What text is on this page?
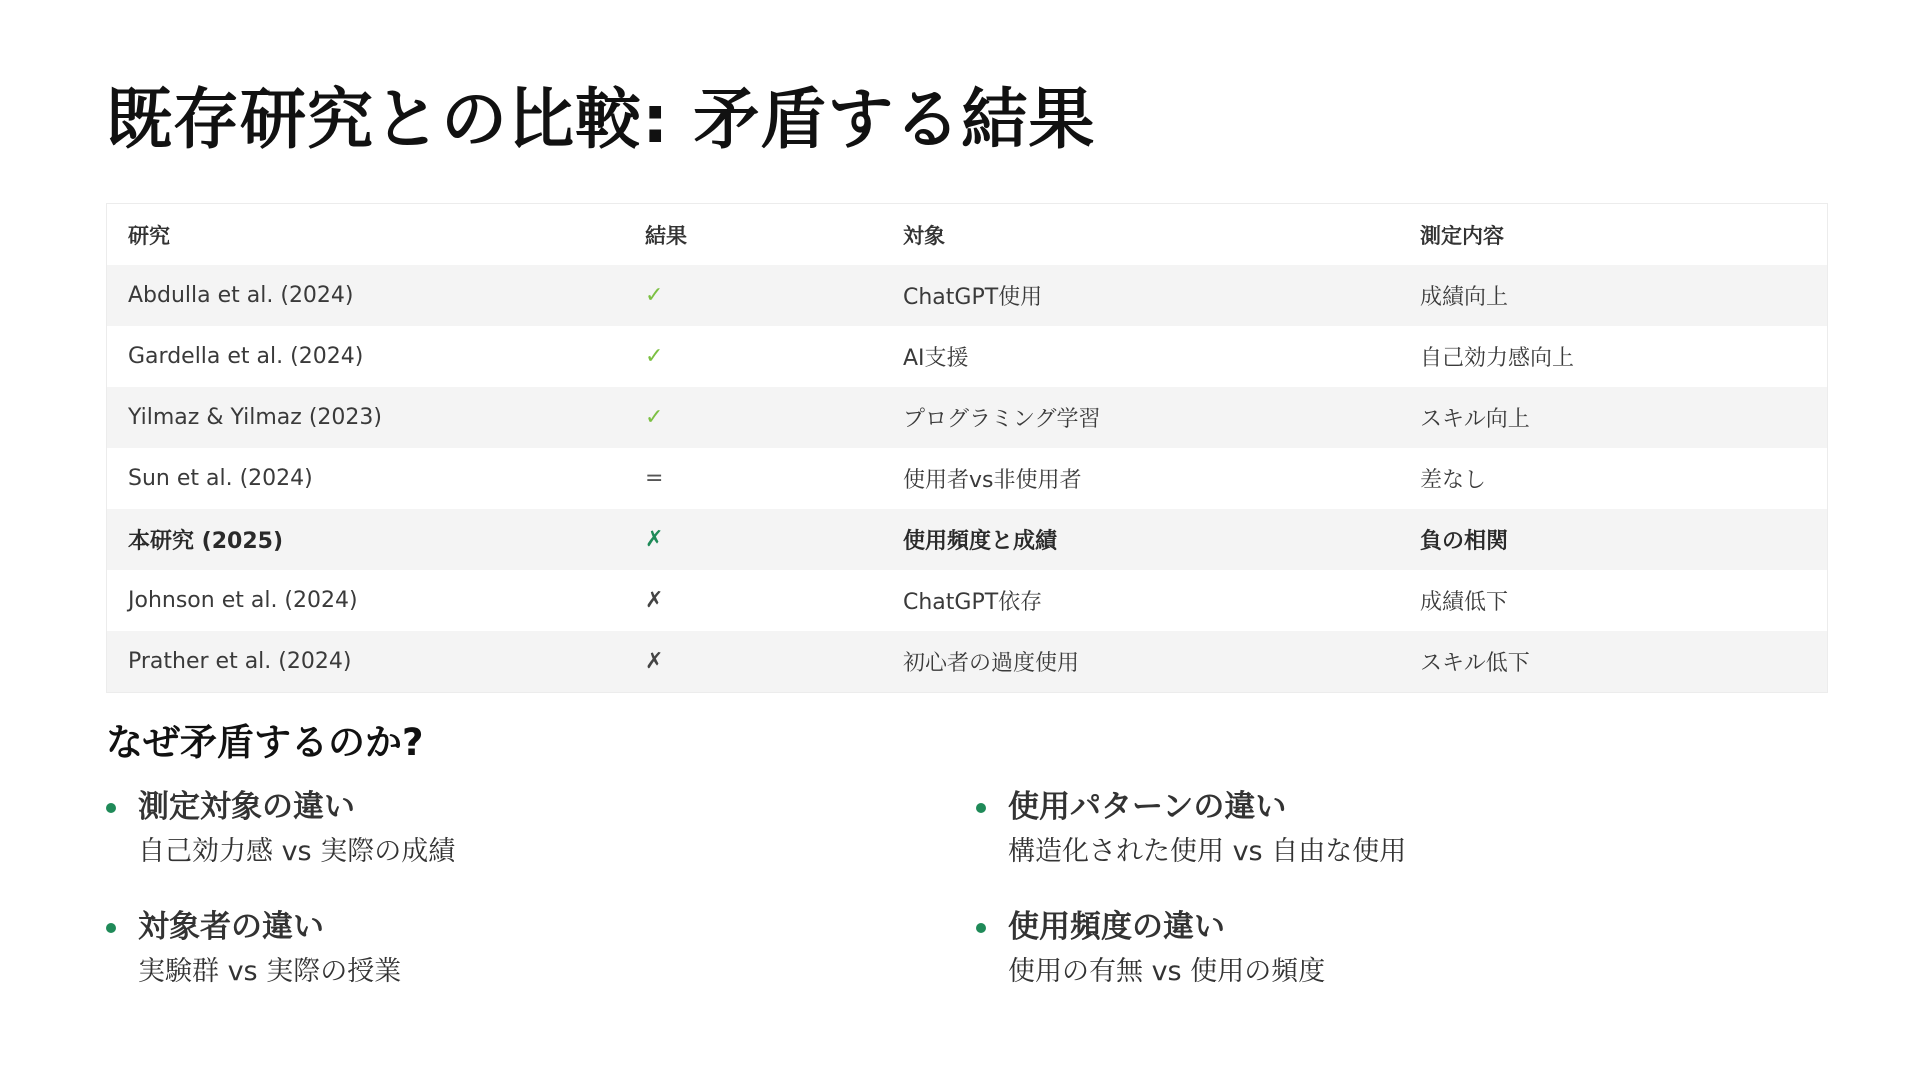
既存研究との比較: 矛盾する結果
研究	結果	対象	測定内容
Abdulla et al. (2024)	✓	ChatGPT使用	成績向上
Gardella et al. (2024)	✓	AI支援	自己効力感向上
Yilmaz & Yilmaz (2023)	✓	プログラミング学習	スキル向上
Sun et al. (2024)	=	使用者vs非使用者	差なし
本研究 (2025)	✗	使用頻度と成績	負の相関
Johnson et al. (2024)	✗	ChatGPT依存	成績低下
Prather et al. (2024)	✗	初心者の過度使用	スキル低下
なぜ矛盾するのか?
測定対象の違い
自己効力感 vs 実際の成績
使用パターンの違い
構造化された使用 vs 自由な使用
対象者の違い
実験群 vs 実際の授業
使用頻度の違い
使用の有無 vs 使用の頻度
